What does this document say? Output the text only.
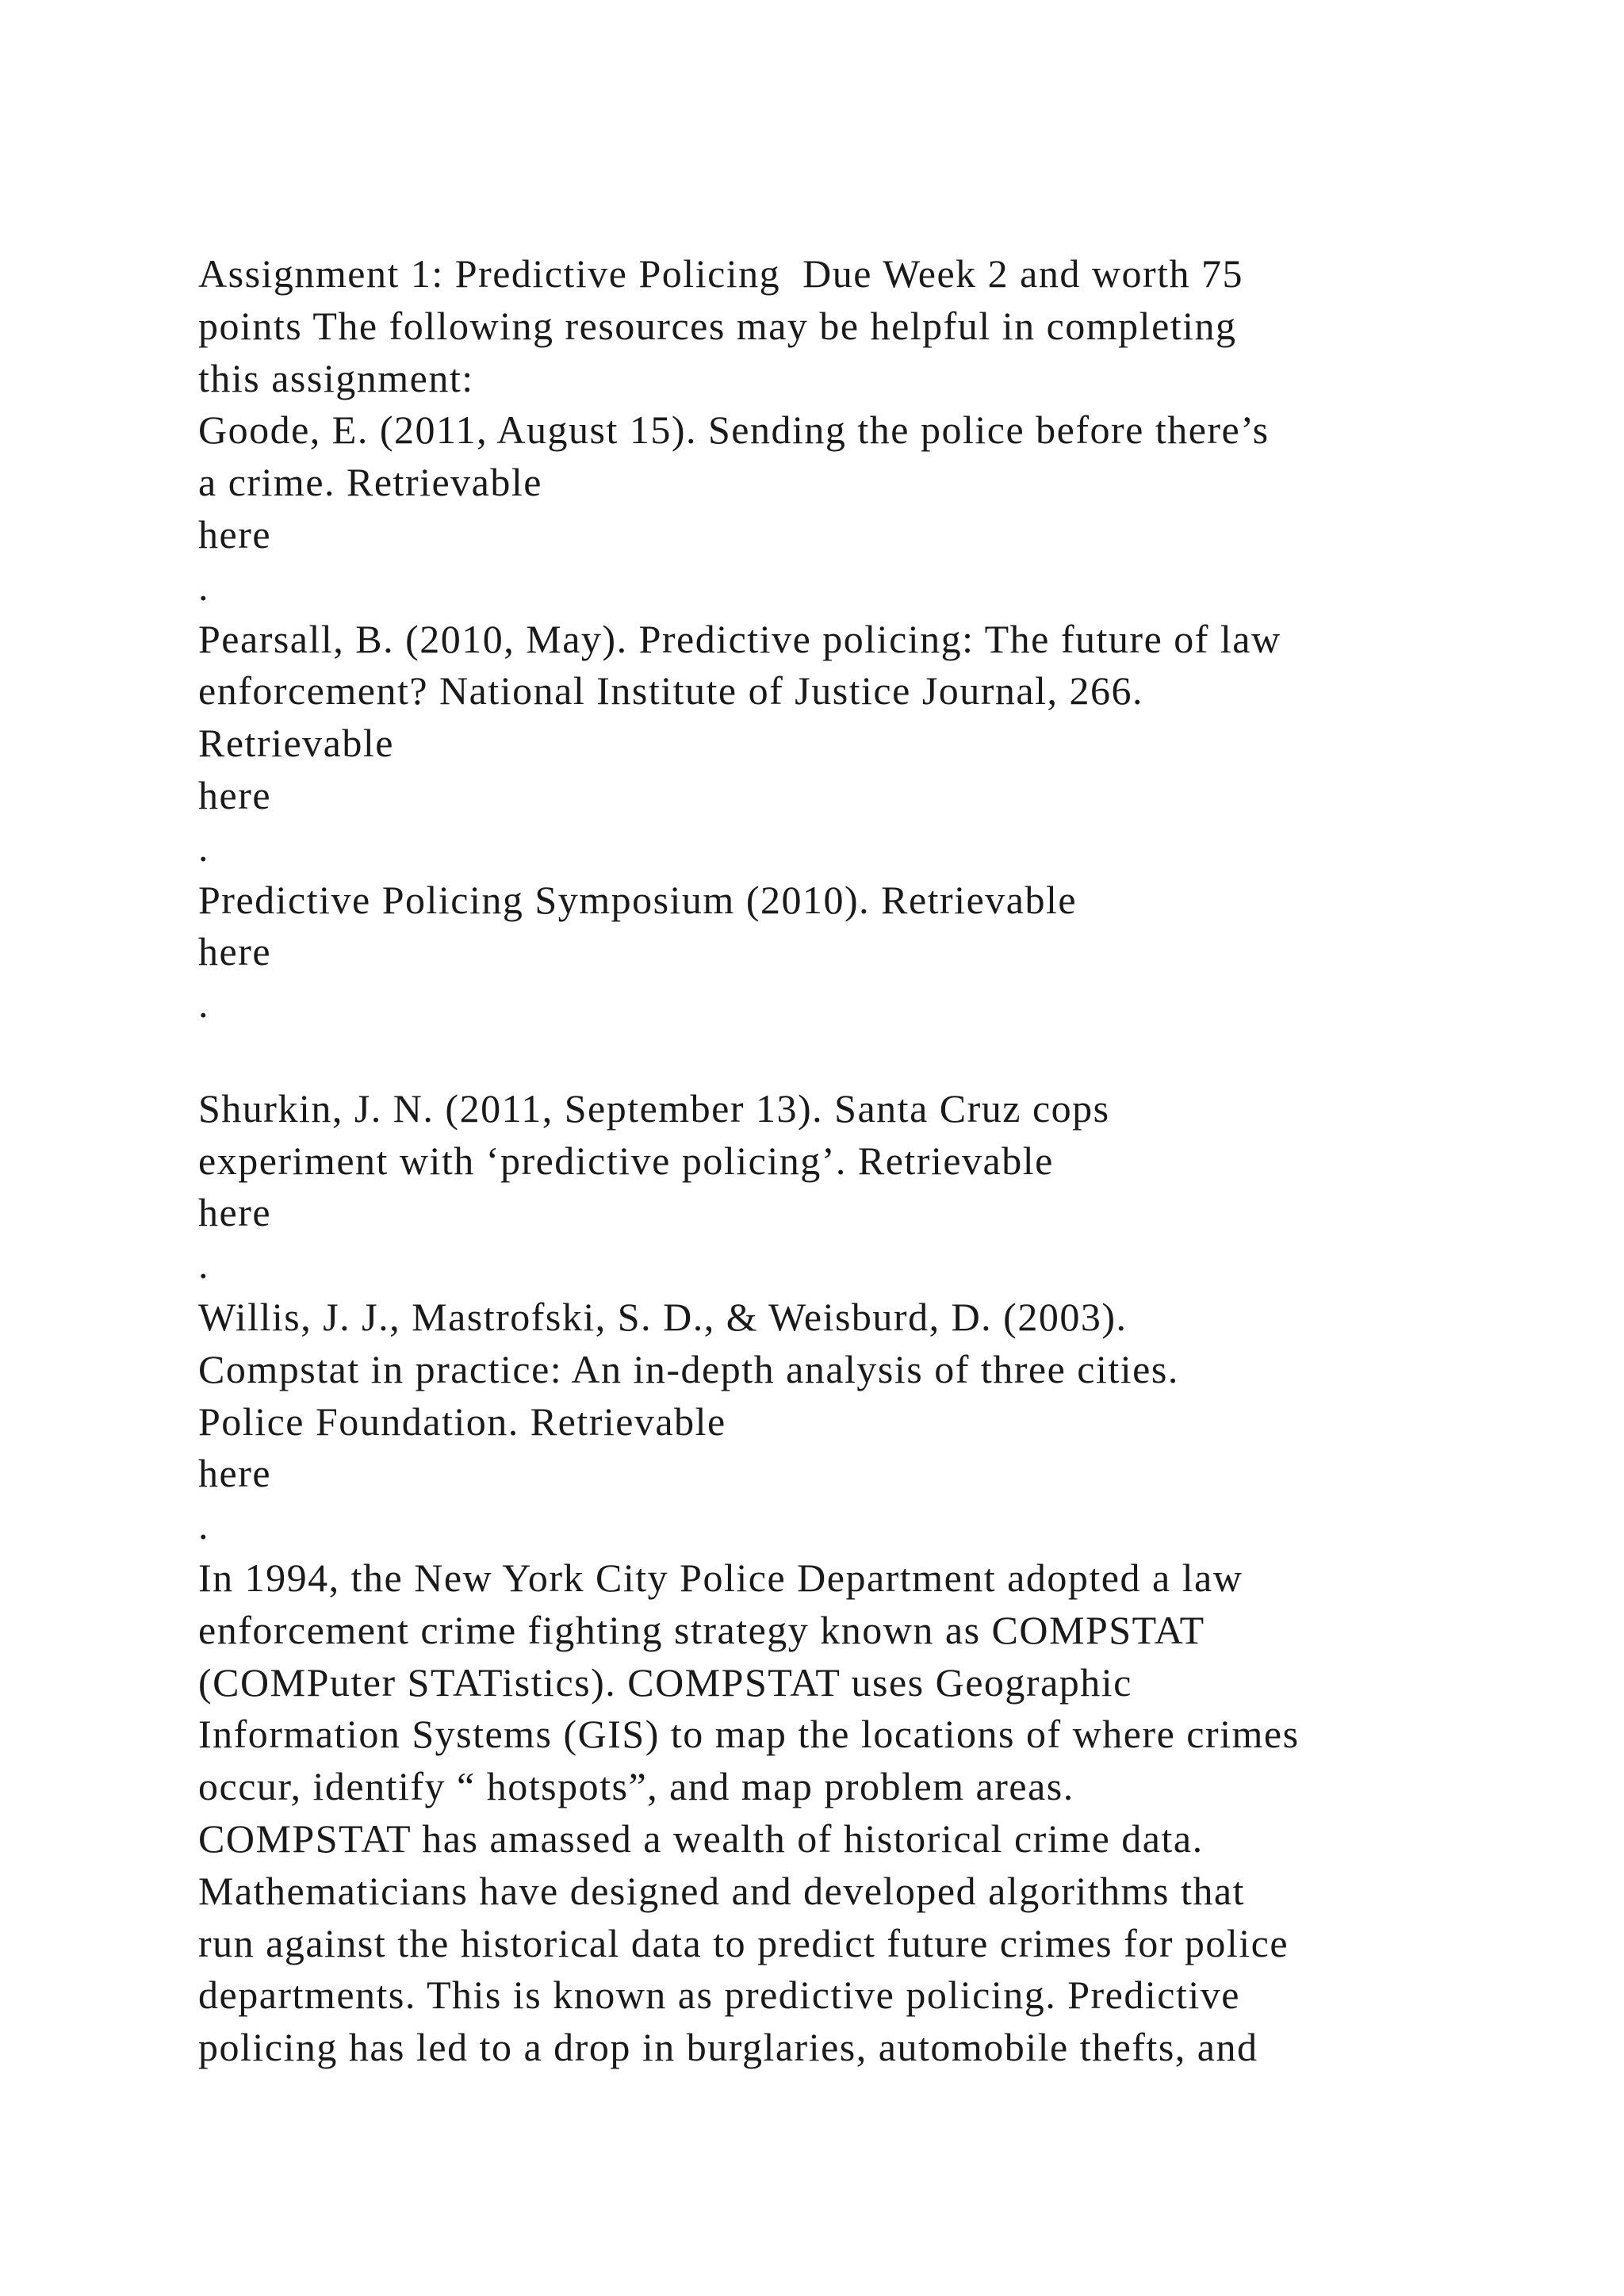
Assignment 1: Predictive Policing  Due Week 2 and worth 75
points The following resources may be helpful in completing
this assignment:
Goode, E. (2011, August 15). Sending the police before there’s
a crime. Retrievable
here
.
Pearsall, B. (2010, May). Predictive policing: The future of law
enforcement? National Institute of Justice Journal, 266.
Retrievable
here
.
Predictive Policing Symposium (2010). Retrievable
here
.
Shurkin, J. N. (2011, September 13). Santa Cruz cops
experiment with ‘predictive policing’. Retrievable
here
.
Willis, J. J., Mastrofski, S. D., & Weisburd, D. (2003).
Compstat in practice: An in-depth analysis of three cities.
Police Foundation. Retrievable
here
.
In 1994, the New York City Police Department adopted a law
enforcement crime fighting strategy known as COMPSTAT
(COMPuter STATistics). COMPSTAT uses Geographic
Information Systems (GIS) to map the locations of where crimes
occur, identify “ hotspots”, and map problem areas.
COMPSTAT has amassed a wealth of historical crime data.
Mathematicians have designed and developed algorithms that
run against the historical data to predict future crimes for police
departments. This is known as predictive policing. Predictive
policing has led to a drop in burglaries, automobile thefts, and
